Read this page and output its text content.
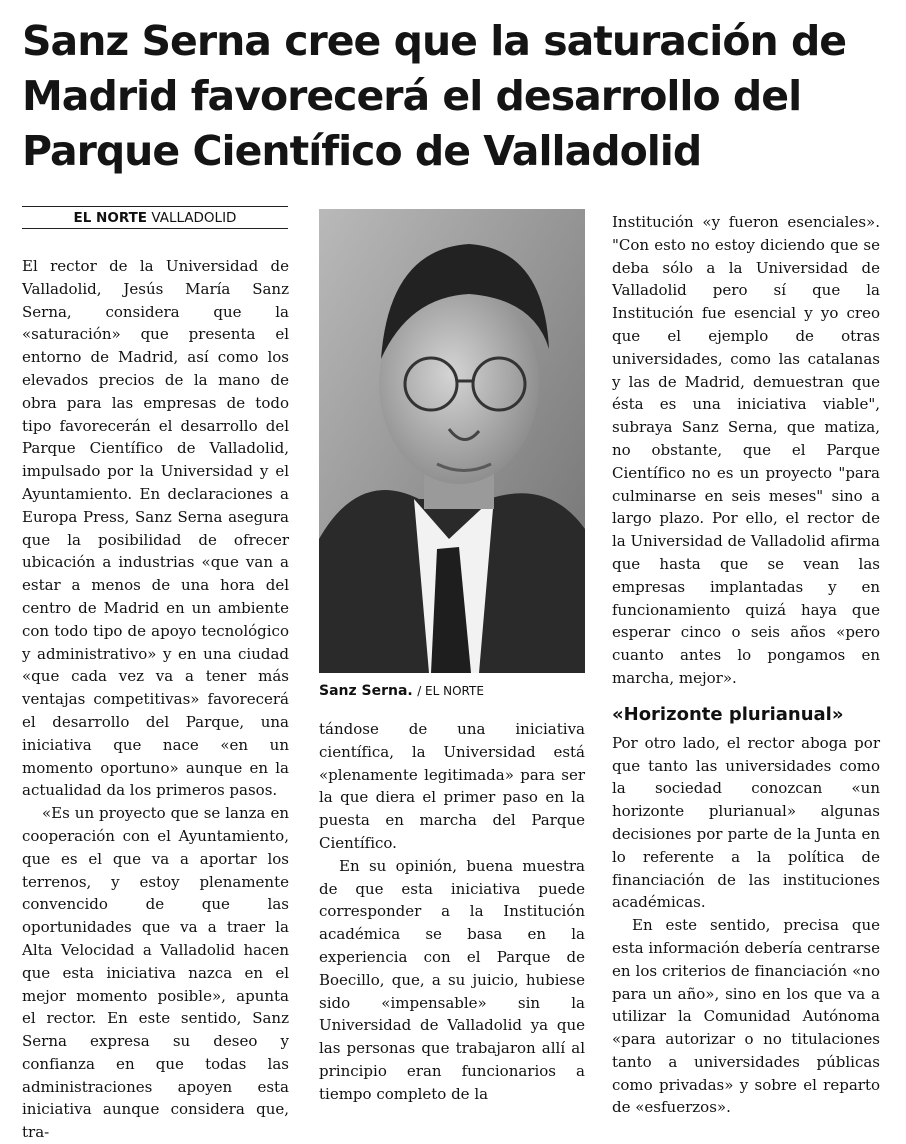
Sanz Serna cree que la saturación de Madrid favorecerá el desarrollo del Parque Científico de Valladolid
EL NORTE VALLADOLID

El rector de la Universidad de Valladolid, Jesús María Sanz Serna, considera que la «saturación» que presenta el entorno de Madrid, así como los elevados precios de la mano de obra para las empresas de todo tipo favorecerán el desarrollo del Parque Científico de Valladolid, impulsado por la Universidad y el Ayuntamiento. En declaraciones a Europa Press, Sanz Serna asegura que la posibilidad de ofrecer ubicación a industrias «que van a estar a menos de una hora del centro de Madrid en un ambiente con todo tipo de apoyo tecnológico y administrativo» y en una ciudad «que cada vez va a tener más ventajas competitivas» favorecerá el desarrollo del Parque, una iniciativa que nace «en un momento oportuno» aunque en la actualidad da los primeros pasos.

«Es un proyecto que se lanza en cooperación con el Ayuntamiento, que es el que va a aportar los terrenos, y estoy plenamente convencido de que las oportunidades que va a traer la Alta Velocidad a Valladolid hacen que esta iniciativa nazca en el mejor momento posible», apunta el rector. En este sentido, Sanz Serna expresa su deseo y confianza en que todas las administraciones apoyen esta iniciativa aunque considera que, tra-

Sanz Serna. / EL NORTE

tándose de una iniciativa científica, la Universidad está «plenamente legitimada» para ser la que diera el primer paso en la puesta en marcha del Parque Científico.

En su opinión, buena muestra de que esta iniciativa puede corresponder a la Institución académica se basa en la experiencia con el Parque de Boecillo, que, a su juicio, hubiese sido «impensable» sin la Universidad de Valladolid ya que las personas que trabajaron allí al principio eran funcionarios a tiempo completo de la

Institución «y fueron esenciales». "Con esto no estoy diciendo que se deba sólo a la Universidad de Valladolid pero sí que la Institución fue esencial y yo creo que el ejemplo de otras universidades, como las catalanas y las de Madrid, demuestran que ésta es una iniciativa viable", subraya Sanz Serna, que matiza, no obstante, que el Parque Científico no es un proyecto "para culminarse en seis meses" sino a largo plazo. Por ello, el rector de la Universidad de Valladolid afirma que hasta que se vean las empresas implantadas y en funcionamiento quizá haya que esperar cinco o seis años «pero cuanto antes lo pongamos en marcha, mejor».

«Horizonte plurianual»

Por otro lado, el rector aboga por que tanto las universidades como la sociedad conozcan «un horizonte plurianual» algunas decisiones por parte de la Junta en lo referente a la política de financiación de las instituciones académicas.

En este sentido, precisa que esta información debería centrarse en los criterios de financiación «no para un año», sino en los que va a utilizar la Comunidad Autónoma «para autorizar o no titulaciones tanto a universidades públicas como privadas» y sobre el reparto de «esfuerzos».
